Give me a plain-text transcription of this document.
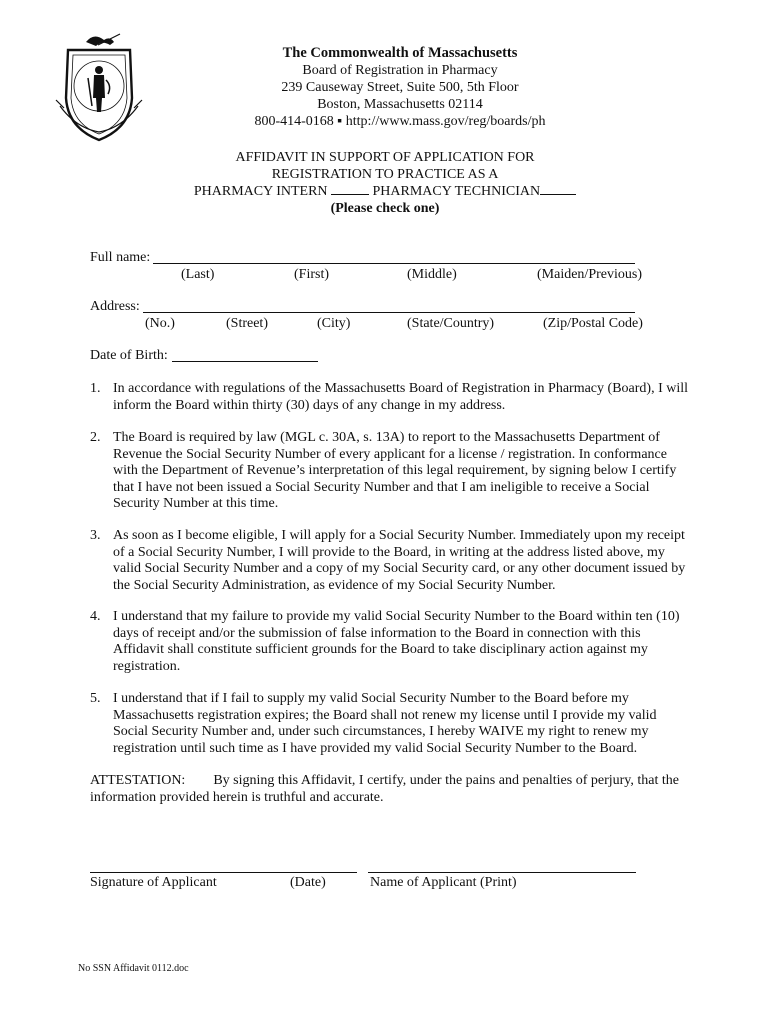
The Commonwealth of Massachusetts
Board of Registration in Pharmacy
239 Causeway Street, Suite 500, 5th Floor
Boston, Massachusetts 02114
800-414-0168 ▪ http://www.mass.gov/reg/boards/ph
AFFIDAVIT IN SUPPORT OF APPLICATION FOR
REGISTRATION TO PRACTICE AS A
PHARMACY INTERN	PHARMACY TECHNICIAN
(Please check one)
Full name:
(Last)	(First)	(Middle)	(Maiden/Previous)
Address:
(No.)	(Street)	(City)	(State/Country)	(Zip/Postal Code)
Date of Birth:
1. In accordance with regulations of the Massachusetts Board of Registration in Pharmacy (Board), I will inform the Board within thirty (30) days of any change in my address.
2. The Board is required by law (MGL c. 30A, s. 13A) to report to the Massachusetts Department of Revenue the Social Security Number of every applicant for a license / registration. In conformance with the Department of Revenue’s interpretation of this legal requirement, by signing below I certify that I have not been issued a Social Security Number and that I am ineligible to receive a Social Security Number at this time.
3. As soon as I become eligible, I will apply for a Social Security Number. Immediately upon my receipt of a Social Security Number, I will provide to the Board, in writing at the address listed above, my valid Social Security Number and a copy of my Social Security card, or any other document issued by the Social Security Administration, as evidence of my Social Security Number.
4. I understand that my failure to provide my valid Social Security Number to the Board within ten (10) days of receipt and/or the submission of false information to the Board in connection with this Affidavit shall constitute sufficient grounds for the Board to take disciplinary action against my registration.
5. I understand that if I fail to supply my valid Social Security Number to the Board before my Massachusetts registration expires; the Board shall not renew my license until I provide my valid Social Security Number and, under such circumstances, I hereby WAIVE my right to renew my registration until such time as I have provided my valid Social Security Number to the Board.
ATTESTATION: By signing this Affidavit, I certify, under the pains and penalties of perjury, that the information provided herein is truthful and accurate.
Signature of Applicant	(Date)	Name of Applicant (Print)
No SSN Affidavit 0112.doc
